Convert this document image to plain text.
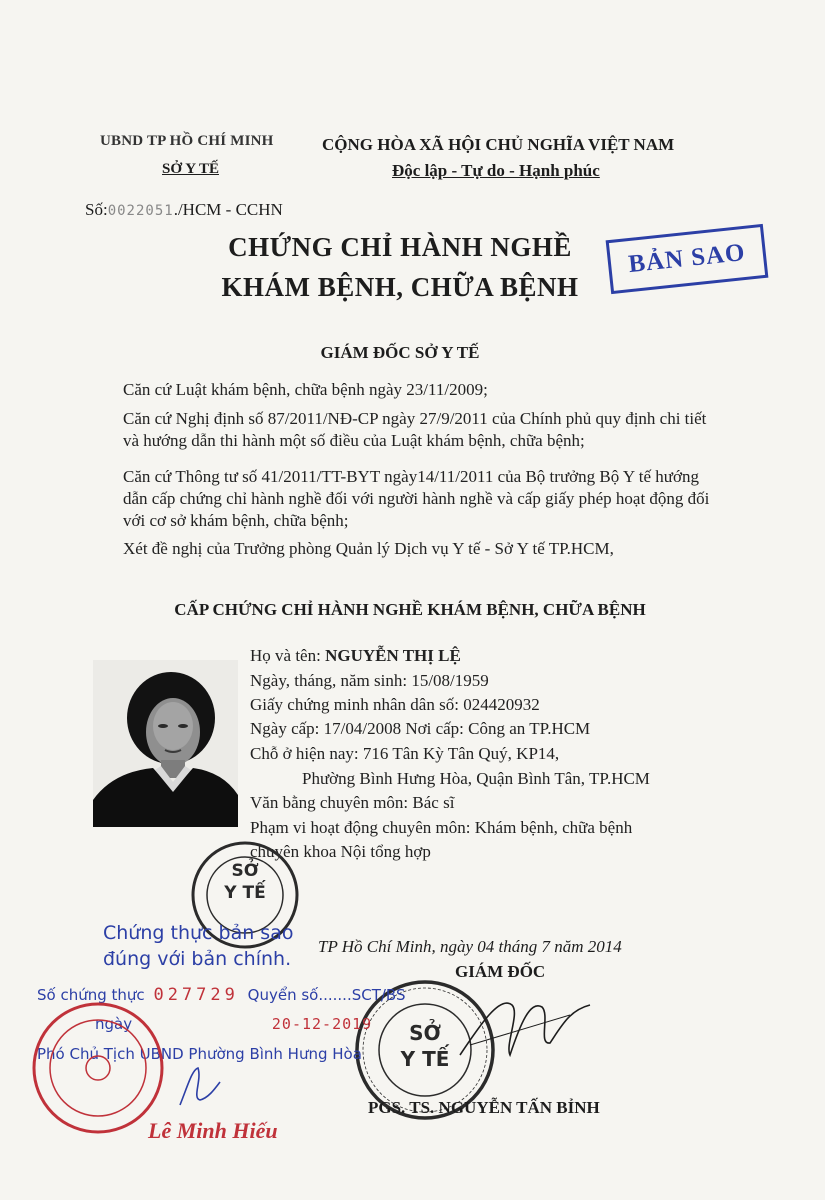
UBND TP HỒ CHÍ MINH
SỞ Y TẾ
CỘNG HÒA XÃ HỘI CHỦ NGHĨA VIỆT NAM
Độc lập - Tự do - Hạnh phúc
Số:0022051./HCM - CCHN
BẢN SAO
CHỨNG CHỈ HÀNH NGHỀ
KHÁM BỆNH, CHỮA BỆNH
GIÁM ĐỐC SỞ Y TẾ
Căn cứ Luật khám bệnh, chữa bệnh ngày 23/11/2009;
Căn cứ Nghị định số 87/2011/NĐ-CP ngày 27/9/2011 của Chính phủ quy định chi tiết và hướng dẫn thi hành một số điều của Luật khám bệnh, chữa bệnh;
Căn cứ Thông tư số 41/2011/TT-BYT ngày14/11/2011 của Bộ trưởng Bộ Y tế hướng dẫn cấp chứng chỉ hành nghề đối với người hành nghề và cấp giấy phép hoạt động đối với cơ sở khám bệnh, chữa bệnh;
Xét đề nghị của Trưởng phòng Quản lý Dịch vụ Y tế - Sở Y tế TP.HCM,
CẤP CHỨNG CHỈ HÀNH NGHỀ KHÁM BỆNH, CHỮA BỆNH
Họ và tên: NGUYỄN THỊ LỆ
Ngày, tháng, năm sinh: 15/08/1959
Giấy chứng minh nhân dân số: 024420932
Ngày cấp: 17/04/2008 Nơi cấp: Công an TP.HCM
Chỗ ở hiện nay: 716 Tân Kỳ Tân Quý, KP14,
Phường Bình Hưng Hòa, Quận Bình Tân, TP.HCM
Văn bằng chuyên môn: Bác sĩ
Phạm vi hoạt động chuyên môn: Khám bệnh, chữa bệnh
chuyên khoa Nội tổng hợp
SỞ
Y TẾ
TP Hồ Chí Minh, ngày 04 tháng 7 năm 2014
GIÁM ĐỐC
SỞ
Y TẾ
PGS. TS. NGUYỄN TẤN BỈNH
Chứng thực bản sao
đúng với bản chính.
Số chứng thực 027729 Quyển số.......SCT/BS
ngày	20-12-2019
Phó Chủ Tịch UBND Phường Bình Hưng Hòa
Lê Minh Hiếu
